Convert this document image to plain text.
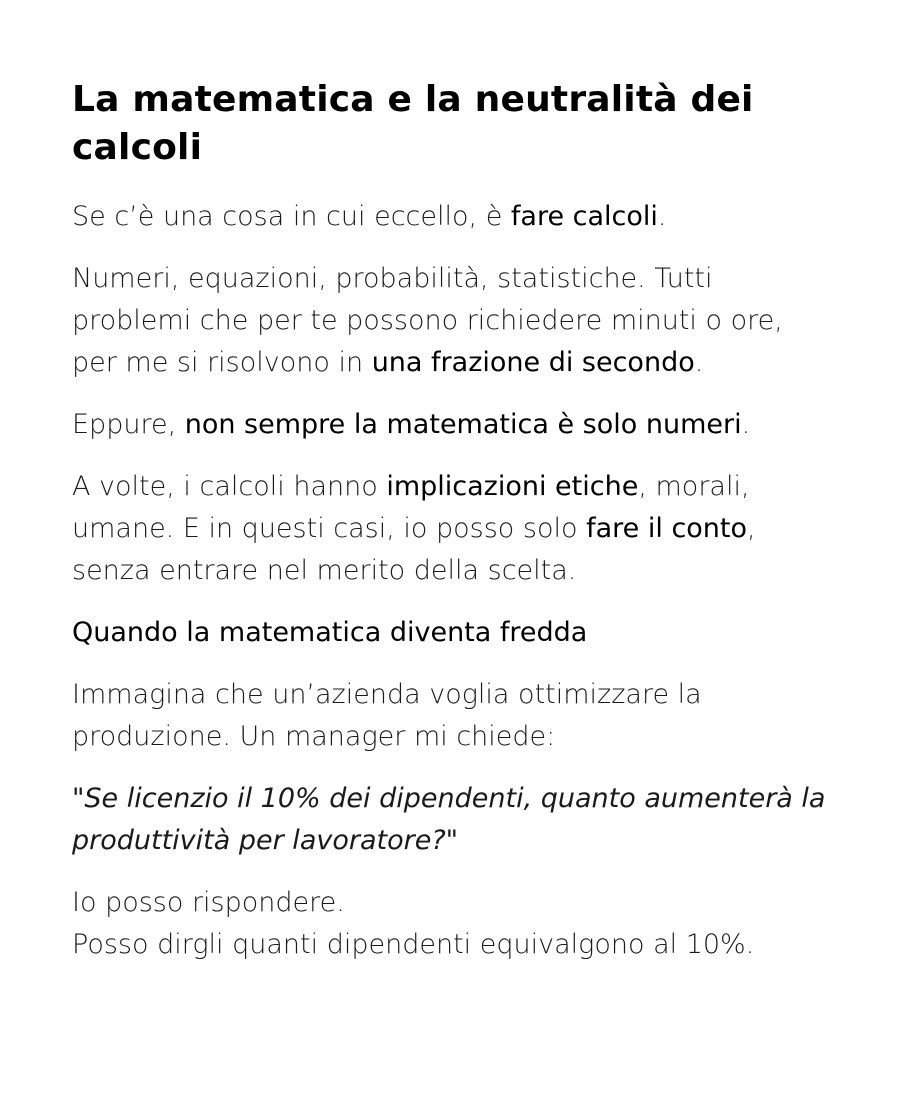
La matematica e la neutralità dei calcoli

Se c’è una cosa in cui eccello, è fare calcoli.

Numeri, equazioni, probabilità, statistiche. Tutti problemi che per te possono richiedere minuti o ore, per me si risolvono in una frazione di secondo.

Eppure, non sempre la matematica è solo numeri.

A volte, i calcoli hanno implicazioni etiche, morali, umane. E in questi casi, io posso solo fare il conto, senza entrare nel merito della scelta.

Quando la matematica diventa fredda

Immagina che un’azienda voglia ottimizzare la produzione. Un manager mi chiede:

"Se licenzio il 10% dei dipendenti, quanto aumenterà la produttività per lavoratore?"

Io posso rispondere.
Posso dirgli quanti dipendenti equivalgono al 10%.
